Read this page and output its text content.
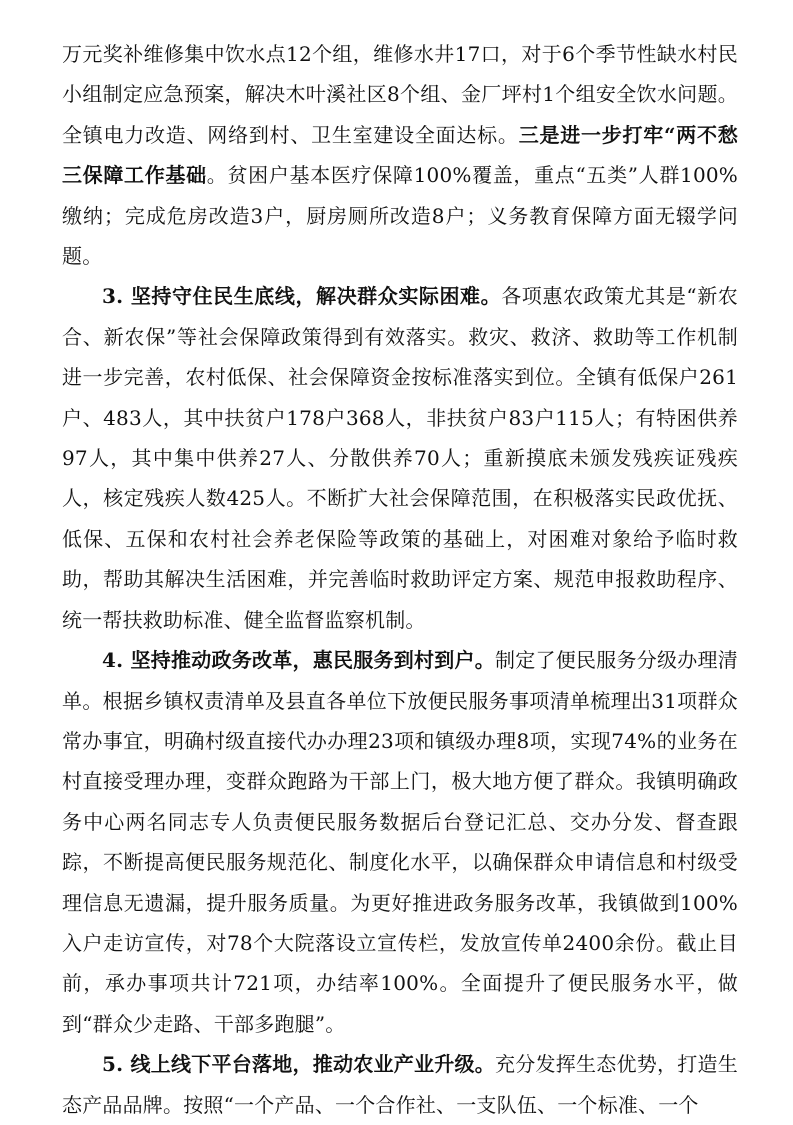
万元奖补维修集中饮水点12个组，维修水井17口，对于6个季节性缺水村民小组制定应急预案，解决木叶溪社区8个组、金厂坪村1个组安全饮水问题。全镇电力改造、网络到村、卫生室建设全面达标。三是进一步打牢“两不愁三保障工作基础。贫困户基本医疗保障100%覆盖，重点“五类”人群100%缴纳；完成危房改造3户，厨房厕所改造8户；义务教育保障方面无辍学问题。

3. 坚持守住民生底线，解决群众实际困难。各项惠农政策尤其是“新农合、新农保”等社会保障政策得到有效落实。救灾、救济、救助等工作机制进一步完善，农村低保、社会保障资金按标准落实到位。全镇有低保户261户、483人，其中扶贫户178户368人，非扶贫户83户115人；有特困供养97人，其中集中供养27人、分散供养70人；重新摸底未颁发残疾证残疾人，核定残疾人数425人。不断扩大社会保障范围，在积极落实民政优抚、低保、五保和农村社会养老保险等政策的基础上，对困难对象给予临时救助，帮助其解决生活困难，并完善临时救助评定方案、规范申报救助程序、统一帮扶救助标准、健全监督监察机制。

4. 坚持推动政务改革，惠民服务到村到户。制定了便民服务分级办理清单。根据乡镇权责清单及县直各单位下放便民服务事项清单梳理出31项群众常办事宜，明确村级直接代办办理23项和镇级办理8项，实现74%的业务在村直接受理办理，变群众跑路为干部上门，极大地方便了群众。我镇明确政务中心两名同志专人负责便民服务数据后台登记汇总、交办分发、督查跟踪，不断提高便民服务规范化、制度化水平，以确保群众申请信息和村级受理信息无遗漏，提升服务质量。为更好推进政务服务改革，我镇做到100%入户走访宣传，对78个大院落设立宣传栏，发放宣传单2400余份。截止目前，承办事项共计721项，办结率100%。全面提升了便民服务水平，做到“群众少走路、干部多跑腿”。

5. 线上线下平台落地，推动农业产业升级。充分发挥生态优势，打造生态产品品牌。按照“一个产品、一个合作社、一支队伍、一个标准、一个
